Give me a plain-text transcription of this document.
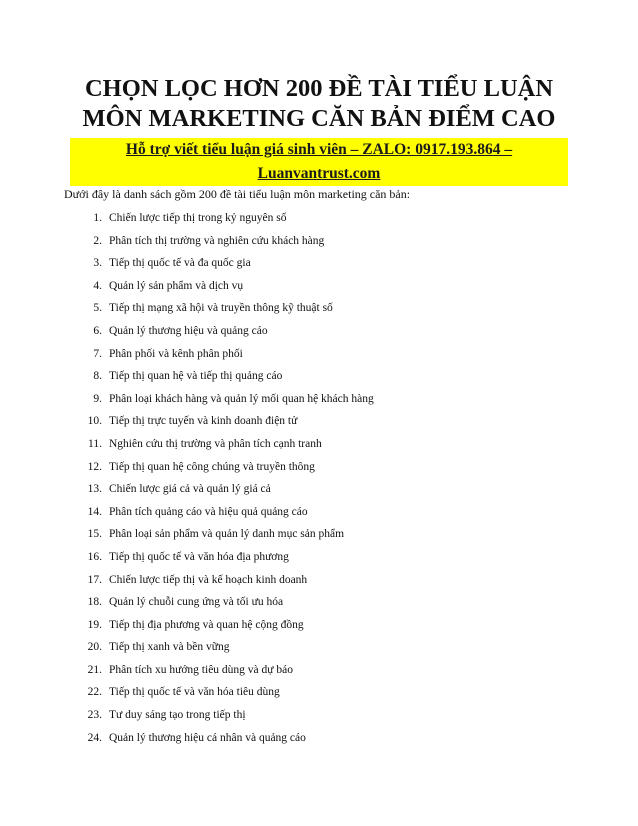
CHỌN LỌC HƠN 200 ĐỀ TÀI TIỂU LUẬN
MÔN MARKETING CĂN BẢN ĐIỂM CAO
Hỗ trợ viết tiểu luận giá sinh viên – ZALO: 0917.193.864 –
Luanvantrust.com
Dưới đây là danh sách gồm 200 đề tài tiểu luận môn marketing căn bản:
1. Chiến lược tiếp thị trong kỷ nguyên số
2. Phân tích thị trường và nghiên cứu khách hàng
3. Tiếp thị quốc tế và đa quốc gia
4. Quản lý sản phẩm và dịch vụ
5. Tiếp thị mạng xã hội và truyền thông kỹ thuật số
6. Quản lý thương hiệu và quảng cáo
7. Phân phối và kênh phân phối
8. Tiếp thị quan hệ và tiếp thị quảng cáo
9. Phân loại khách hàng và quản lý mối quan hệ khách hàng
10. Tiếp thị trực tuyến và kinh doanh điện tử
11. Nghiên cứu thị trường và phân tích cạnh tranh
12. Tiếp thị quan hệ công chúng và truyền thông
13. Chiến lược giá cả và quản lý giá cả
14. Phân tích quảng cáo và hiệu quả quảng cáo
15. Phân loại sản phẩm và quản lý danh mục sản phẩm
16. Tiếp thị quốc tế và văn hóa địa phương
17. Chiến lược tiếp thị và kế hoạch kinh doanh
18. Quản lý chuỗi cung ứng và tối ưu hóa
19. Tiếp thị địa phương và quan hệ cộng đồng
20. Tiếp thị xanh và bền vững
21. Phân tích xu hướng tiêu dùng và dự báo
22. Tiếp thị quốc tế và văn hóa tiêu dùng
23. Tư duy sáng tạo trong tiếp thị
24. Quản lý thương hiệu cá nhân và quảng cáo
